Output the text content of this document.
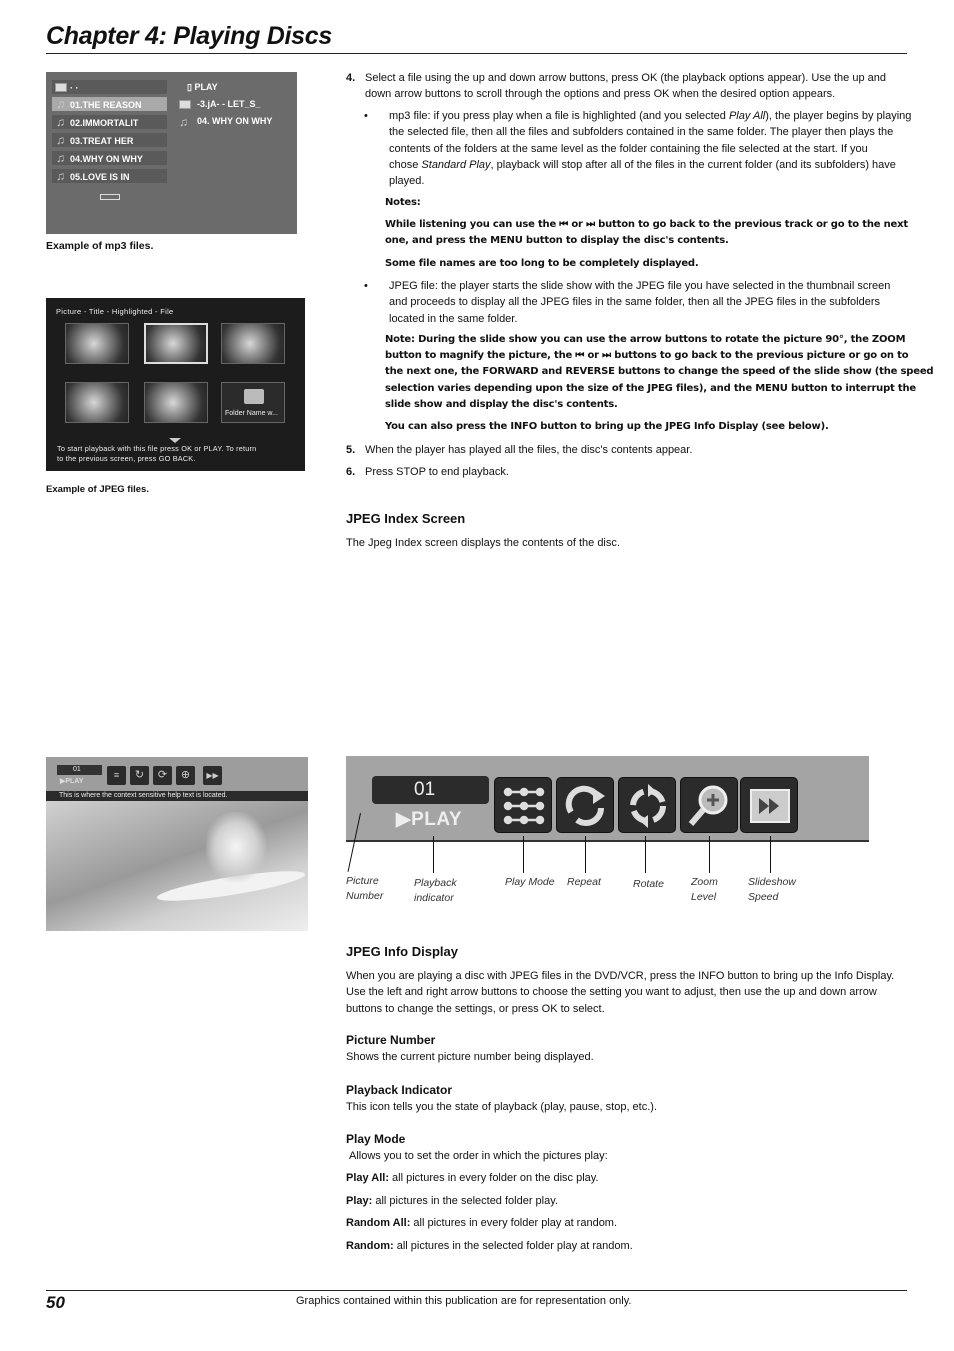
Chapter 4: Playing Discs
· ·
♫ 01.THE REASON
♫ 02.IMMORTALIT
♫ 03.TREAT HER
♫ 04.WHY ON WHY
♫ 05.LOVE IS IN
▯ PLAY
-3.jA- - LET_S_
♫ 04. WHY ON WHY
Example of mp3 files.
Picture - Title - Highlighted - File
Folder Name w...
To start playback with this file press OK or PLAY. To return
to the previous screen, press GO BACK.
Example of JPEG files.
4. Select a file using the up and down arrow buttons, press OK (the playback options appear). Use the up and
down arrow buttons to scroll through the options and press OK when the desired option appears.
• mp3 file: if you press play when a file is highlighted (and you selected Play All), the player begins by playing
the selected file, then all the files and subfolders contained in the same folder. The player then plays the
contents of the folders at the same level as the folder containing the file selected at the start. If you
chose Standard Play, playback will stop after all of the files in the current folder (and its subfolders) have
played.
Notes:
While listening you can use the ⏮ or ⏭ button to go back to the previous track or go to the next
one, and press the MENU button to display the disc's contents.
Some file names are too long to be completely displayed.
• JPEG file: the player starts the slide show with the JPEG file you have selected in the thumbnail screen
and proceeds to display all the JPEG files in the same folder, then all the JPEG files in the subfolders
located in the same folder.
Note: During the slide show you can use the arrow buttons to rotate the picture 90°, the ZOOM
button to magnify the picture, the ⏮ or ⏭ buttons to go back to the previous picture or go on to
the next one, the FORWARD and REVERSE buttons to change the speed of the slide show (the speed
selection varies depending upon the size of the JPEG files), and the MENU button to interrupt the
slide show and display the disc's contents.
You can also press the INFO button to bring up the JPEG Info Display (see below).
5. When the player has played all the files, the disc's contents appear.
6. Press STOP to end playback.
JPEG Index Screen
The Jpeg Index screen displays the contents of the disc.
01
▶PLAY
≡	↻	⟳	⊕	▶▶
This is where the context sensitive help text is located.	01
▶PLAY
Picture
Number
Playback
indicator
Play Mode Repeat	Rotate	Zoom
Level
Slideshow
Speed
JPEG Info Display
When you are playing a disc with JPEG files in the DVD/VCR, press the INFO button to bring up the Info Display.
Use the left and right arrow buttons to choose the setting you want to adjust, then use the up and down arrow
buttons to change the settings, or press OK to select.
Picture Number
Shows the current picture number being displayed.
Playback Indicator
This icon tells you the state of playback (play, pause, stop, etc.).
Play Mode
Allows you to set the order in which the pictures play:
Play All: all pictures in every folder on the disc play.
Play: all pictures in the selected folder play.
Random All: all pictures in every folder play at random.
Random: all pictures in the selected folder play at random.
50	Graphics contained within this publication are for representation only.
